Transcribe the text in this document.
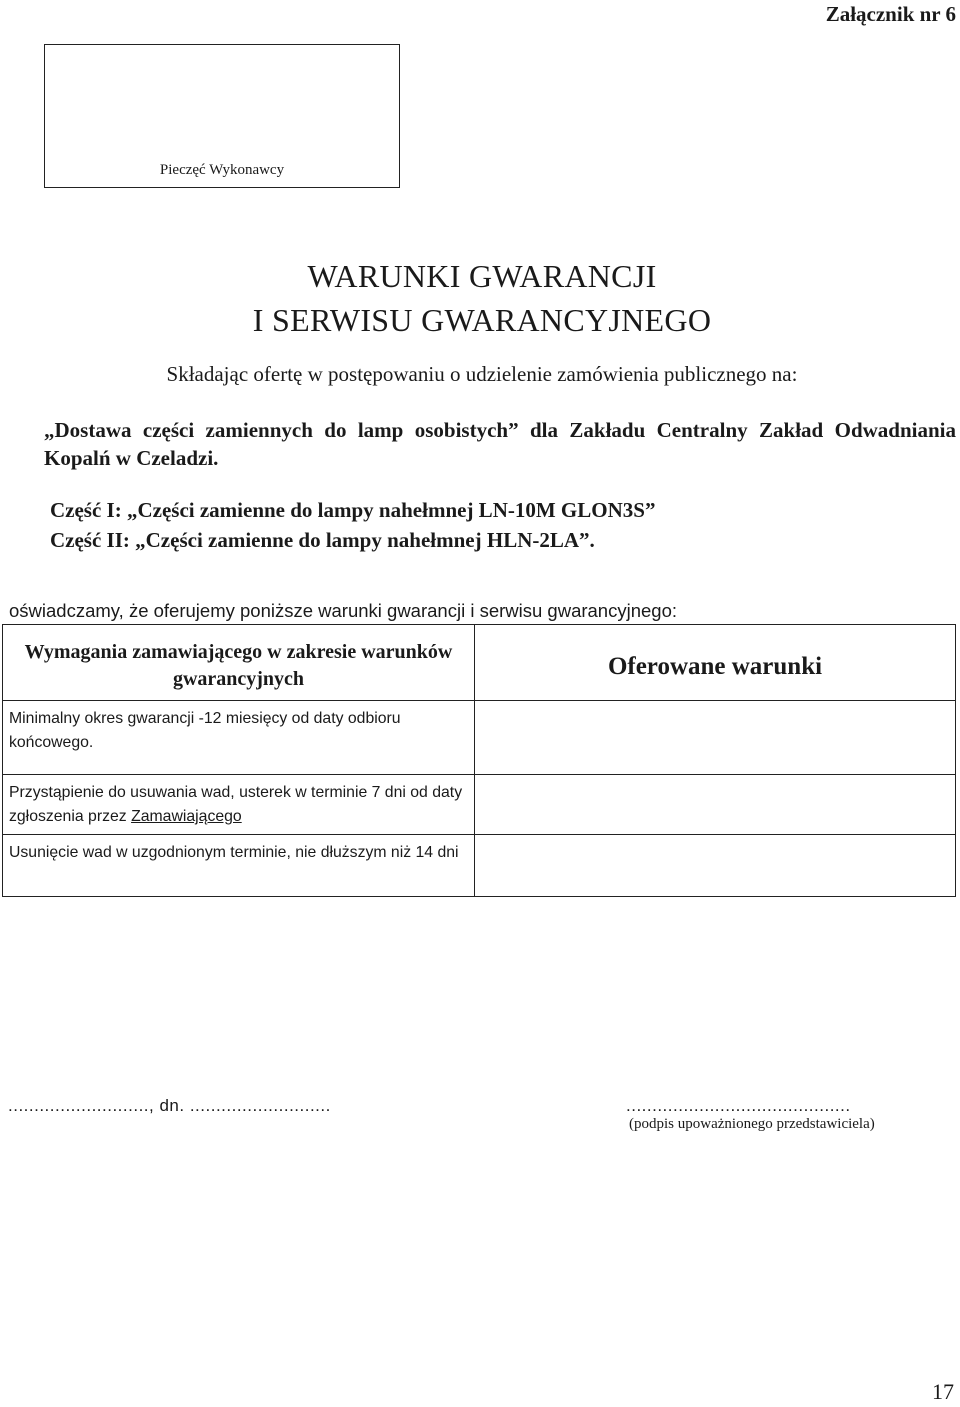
Załącznik nr 6
Pieczęć Wykonawcy
WARUNKI GWARANCJI
I SERWISU GWARANCYJNEGO
Składając ofertę w postępowaniu o udzielenie zamówienia publicznego na:
„Dostawa części zamiennych do lamp osobistych” dla Zakładu Centralny Zakład Odwadniania Kopalń w Czeladzi.
Część I: „Części zamienne do lampy nahełmnej LN-10M GLON3S”
Część II: „Części zamienne do lampy nahełmnej HLN-2LA”.
oświadczamy, że oferujemy poniższe warunki gwarancji i serwisu gwarancyjnego:
Wymagania zamawiającego w zakresie warunków gwarancyjnych	Oferowane warunki
Minimalny okres gwarancji -12 miesięcy od daty odbioru końcowego.	
Przystąpienie do usuwania wad, usterek w terminie 7 dni od daty zgłoszenia przez Zamawiającego	
Usunięcie wad w uzgodnionym terminie, nie dłuższym niż 14 dni	
..........................., dn. ...........................	...........................................
(podpis upoważnionego przedstawiciela)
17
